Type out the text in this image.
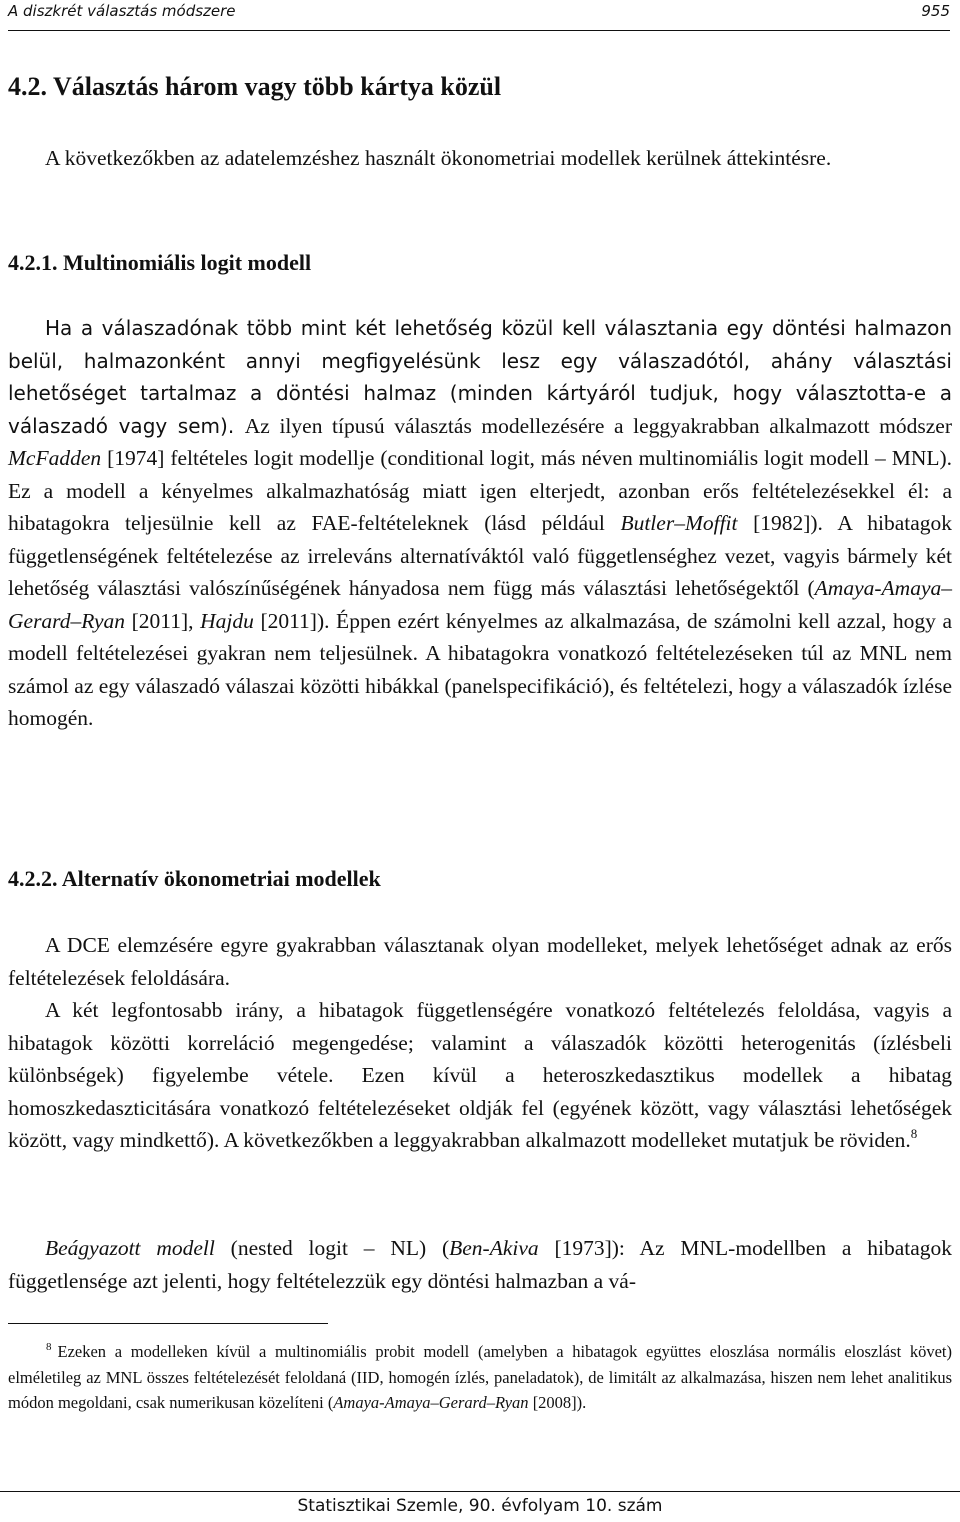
A diszkrét választás módszere	955
4.2. Választás három vagy több kártya közül
A következőkben az adatelemzéshez használt ökonometriai modellek kerülnek áttekintésre.
4.2.1. Multinomiális logit modell
Ha a válaszadónak több mint két lehetőség közül kell választania egy döntési halmazon belül, halmazonként annyi megfigyelésünk lesz egy válaszadótól, ahány választási lehetőséget tartalmaz a döntési halmaz (minden kártyáról tudjuk, hogy választotta-e a válaszadó vagy sem). Az ilyen típusú választás modellezésére a leggyakrabban alkalmazott módszer McFadden [1974] feltételes logit modellje (conditional logit, más néven multinomiális logit modell – MNL). Ez a modell a kényelmes alkalmazhatóság miatt igen elterjedt, azonban erős feltételezésekkel él: a hibatagokra teljesülnie kell az FAE-feltételeknek (lásd például Butler–Moffit [1982]). A hibatagok függetlenségének feltételezése az irreleváns alternatíváktól való függetlenséghez vezet, vagyis bármely két lehetőség választási valószínűségének hányadosa nem függ más választási lehetőségektől (Amaya-Amaya–Gerard–Ryan [2011], Hajdu [2011]). Éppen ezért kényelmes az alkalmazása, de számolni kell azzal, hogy a modell feltételezései gyakran nem teljesülnek. A hibatagokra vonatkozó feltételezéseken túl az MNL nem számol az egy válaszadó válaszai közötti hibákkal (panelspecifikáció), és feltételezi, hogy a válaszadók ízlése homogén.
4.2.2. Alternatív ökonometriai modellek
A DCE elemzésére egyre gyakrabban választanak olyan modelleket, melyek lehetőséget adnak az erős feltételezések feloldására.
A két legfontosabb irány, a hibatagok függetlenségére vonatkozó feltételezés feloldása, vagyis a hibatagok közötti korreláció megengedése; valamint a válaszadók közötti heterogenitás (ízlésbeli különbségek) figyelembe vétele. Ezen kívül a heteroszkedasztikus modellek a hibatag homoszkedaszticitására vonatkozó feltételezéseket oldják fel (egyének között, vagy választási lehetőségek között, vagy mindkettő). A következőkben a leggyakrabban alkalmazott modelleket mutatjuk be röviden.$^8$
Beágyazott modell (nested logit – NL) (Ben-Akiva [1973]): Az MNL-modellben a hibatagok függetlensége azt jelenti, hogy feltételezzük egy döntési halmazban a vá-
$^8$ Ezeken a modelleken kívül a multinomiális probit modell (amelyben a hibatagok együttes eloszlása normális eloszlást követ) elméletileg az MNL összes feltételezését feloldaná (IID, homogén ízlés, paneladatok), de limitált az alkalmazása, hiszen nem lehet analitikus módon megoldani, csak numerikusan közelíteni (Amaya-Amaya–Gerard–Ryan [2008]).
Statisztikai Szemle, 90. évfolyam 10. szám
